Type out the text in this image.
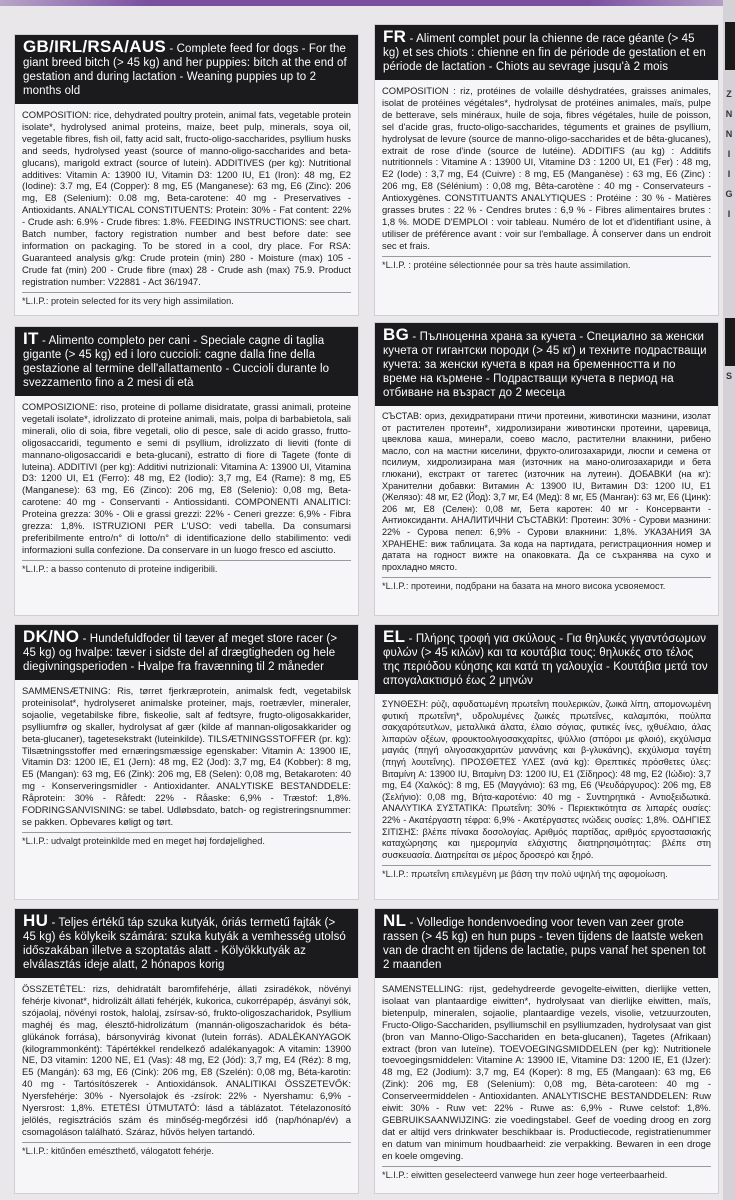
Z
N
N
I
I
G
I
S
GB/IRL/RSA/AUS - Complete feed for dogs - For the giant breed bitch (> 45 kg) and her puppies: bitch at the end of gestation and during lactation - Weaning puppies up to 2 months old
COMPOSITION: rice, dehydrated poultry protein, animal fats, vegetable protein isolate*, hydrolysed animal proteins, maize, beet pulp, minerals, soya oil, vegetable fibres, fish oil, fatty acid salt, fructo-oligo-saccharides, psyllium husks and seeds, hydrolysed yeast (source of manno-oligo-saccharides and beta-glucans), marigold extract (source of lutein). ADDITIVES (per kg): Nutritional additives: Vitamin A: 13900 IU, Vitamin D3: 1200 IU, E1 (Iron): 48 mg, E2 (Iodine): 3.7 mg, E4 (Copper): 8 mg, E5 (Manganese): 63 mg, E6 (Zinc): 206 mg, E8 (Selenium): 0.08 mg, Beta-carotene: 40 mg - Preservatives - Antioxidants. ANALYTICAL CONSTITUENTS: Protein: 30% - Fat content: 22% - Crude ash: 6.9% - Crude fibres: 1.8%. FEEDING INSTRUCTIONS: see chart. Batch number, factory registration number and best before date: see information on packaging. To be stored in a cool, dry place. For RSA: Guaranteed analysis g/kg: Crude protein (min) 280 - Moisture (max) 105 - Crude fat (min) 200 - Crude fibre (max) 28 - Crude ash (max) 75.9. Product registration number: V22881 - Act 36/1947.
*L.I.P.: protein selected for its very high assimilation.
FR - Aliment complet pour la chienne de race géante (> 45 kg) et ses chiots : chienne en fin de période de gestation et en période de lactation - Chiots au sevrage jusqu'à 2 mois
COMPOSITION : riz, protéines de volaille déshydratées, graisses animales, isolat de protéines végétales*, hydrolysat de protéines animales, maïs, pulpe de betterave, sels minéraux, huile de soja, fibres végétales, huile de poisson, sel d'acide gras, fructo-oligo-saccharides, téguments et graines de psyllium, hydrolysat de levure (source de manno-oligo-saccharides et de bêta-glucanes), extrait de rose d'inde (source de lutéine). ADDITIFS (au kg) : Additifs nutritionnels : Vitamine A : 13900 UI, Vitamine D3 : 1200 UI, E1 (Fer) : 48 mg, E2 (Iode) : 3,7 mg, E4 (Cuivre) : 8 mg, E5 (Manganèse) : 63 mg, E6 (Zinc) : 206 mg, E8 (Sélénium) : 0,08 mg, Bêta-carotène : 40 mg - Conservateurs - Antioxygènes. CONSTITUANTS ANALYTIQUES : Protéine : 30 % - Matières grasses brutes : 22 % - Cendres brutes : 6,9 % - Fibres alimentaires brutes : 1,8 %. MODE D'EMPLOI : voir tableau. Numéro de lot et d'identifiant usine, à utiliser de préférence avant : voir sur l'emballage. À conserver dans un endroit sec et frais.
*L.I.P. : protéine sélectionnée pour sa très haute assimilation.
IT - Alimento completo per cani - Speciale cagne di taglia gigante (> 45 kg) ed i loro cuccioli: cagne dalla fine della gestazione al termine dell'allattamento - Cuccioli durante lo svezzamento fino a 2 mesi di età
COMPOSIZIONE: riso, proteine di pollame disidratate, grassi animali, proteine vegetali isolate*, idrolizzato di proteine animali, mais, polpa di barbabietola, sali minerali, olio di soia, fibre vegetali, olio di pesce, sale di acido grasso, frutto-oligosaccaridi, tegumento e semi di psyllium, idrolizzato di lieviti (fonte di mannano-oligosaccaridi e beta-glucani), estratto di fiore di Tagete (fonte di luteina). ADDITIVI (per kg): Additivi nutrizionali: Vitamina A: 13900 UI, Vitamina D3: 1200 UI, E1 (Ferro): 48 mg, E2 (Iodio): 3,7 mg, E4 (Rame): 8 mg, E5 (Manganese): 63 mg, E6 (Zinco): 206 mg, E8 (Selenio): 0,08 mg, Beta-carotene: 40 mg - Conservanti - Antiossidanti. COMPONENTI ANALITICI: Proteina grezza: 30% - Oli e grassi grezzi: 22% - Ceneri grezze: 6,9% - Fibra grezza: 1,8%. ISTRUZIONI PER L'USO: vedi tabella. Da consumarsi preferibilmente entro/n° di lotto/n° di identificazione dello stabilimento: vedi informazioni sulla confezione. Da conservare in un luogo fresco ed asciutto.
*L.I.P.: a basso contenuto di proteine indigeribili.
BG - Пълноценна храна за кучета - Специално за женски кучета от гигантски породи (> 45 кг) и техните подрастващи кучета: за женски кучета в края на бременността и по време на кърмене - Подрастващи кучета в период на отбиване на възраст до 2 месеца
СЪСТАВ: ориз, дехидратирани птичи протеини, животински мазнини, изолат от растителен протеин*, хидролизирани животински протеини, царевица, цвеклова каша, минерали, соево масло, растителни влакнини, рибено масло, сол на мастни киселини, фрукто-олигозахариди, люспи и семена от псилиум, хидролизирана мая (източник на мано-олигозахариди и бета глюкани), екстракт от тагетес (източник на лутеин). ДОБАВКИ (на кг): Хранителни добавки: Витамин А: 13900 IU, Витамин D3: 1200 IU, E1 (Желязо): 48 мг, E2 (Йод): 3,7 мг, E4 (Мед): 8 мг, E5 (Манган): 63 мг, E6 (Цинк): 206 мг, E8 (Селен): 0,08 мг, Бета каротен: 40 мг - Консерванти - Антиоксиданти. АНАЛИТИЧНИ СЪСТАВКИ: Протеин: 30% - Сурови мазнини: 22% - Сурова пепел: 6,9% - Сурови влакнини: 1,8%. УКАЗАНИЯ ЗА ХРАНЕНЕ: виж таблицата. За кода на партидата, регистрационния номер и датата на годност вижте на опаковката. Да се съхранява на сухо и прохладно място.
*L.I.P.: протеини, подбрани на базата на много висока усвояемост.
DK/NO - Hundefuldfoder til tæver af meget store racer (> 45 kg) og hvalpe: tæver i sidste del af drægtigheden og hele diegivningsperioden - Hvalpe fra fravænning til 2 måneder
SAMMENSÆTNING: Ris, tørret fjerkræprotein, animalsk fedt, vegetabilsk proteinisolat*, hydrolyseret animalske proteiner, majs, roetrævler, mineraler, sojaolie, vegetabilske fibre, fiskeolie, salt af fedtsyre, frugto-oligosakkarider, psylliumfrø og skaller, hydrolysat af gær (kilde af mannan-oligosakkarider og beta-glucaner), tagetesekstrakt (luteinkilde). TILSÆTNINGSSTOFFER (pr. kg): Tilsætningsstoffer med ernæringsmæssige egenskaber: Vitamin A: 13900 IE, Vitamin D3: 1200 IE, E1 (Jern): 48 mg, E2 (Jod): 3,7 mg, E4 (Kobber): 8 mg, E5 (Mangan): 63 mg, E6 (Zink): 206 mg, E8 (Selen): 0,08 mg, Betakaroten: 40 mg - Konserveringsmidler - Antioxidanter. ANALYTISKE BESTANDDELE: Råprotein: 30% - Råfedt: 22% - Råaske: 6,9% - Træstof: 1,8%. FODRINGSANVISNING: se tabel. Udløbsdato, batch- og registreringsnummer: se pakken. Opbevares køligt og tørt.
*L.I.P.: udvalgt proteinkilde med en meget høj fordøjelighed.
EL - Πλήρης τροφή για σκύλους - Για θηλυκές γιγαντόσωμων φυλών (> 45 κιλών) και τα κουτάβια τους: θηλυκές στο τέλος της περιόδου κύησης και κατά τη γαλουχία - Κουτάβια μετά τον απογαλακτισμό έως 2 μηνών
ΣΥΝΘΕΣΗ: ρύζι, αφυδατωμένη πρωτεΐνη πουλερικών, ζωικά λίπη, απομονωμένη φυτική πρωτεΐνη*, υδρολυμένες ζωικές πρωτεΐνες, καλαμπόκι, πούλπα σακχαρότευτλων, μεταλλικά άλατα, έλαιο σόγιας, φυτικές ίνες, ιχθυέλαιο, άλας λιπαρών οξέων, φρουκτοολιγοσακχαρίτες, ψύλλιο (σπόροι με φλοιό), εκχύλισμα μαγιάς (πηγή ολιγοσακχαριτών μαννάνης και β-γλυκάνης), εκχύλισμα ταγέτη (πηγή λουτεΐνης). ΠΡΟΣΘΕΤΕΣ ΥΛΕΣ (ανά kg): Θρεπτικές πρόσθετες ύλες: Βιταμίνη A: 13900 IU, Βιταμίνη D3: 1200 IU, E1 (Σίδηρος): 48 mg, E2 (Ιώδιο): 3,7 mg, E4 (Χαλκός): 8 mg, E5 (Μαγγάνιο): 63 mg, E6 (Ψευδάργυρος): 206 mg, E8 (Σελήνιο): 0,08 mg, Βήτα-καροτένιο: 40 mg - Συντηρητικά - Αντιοξειδωτικά. ΑΝΑΛΥΤΙΚΑ ΣΥΣΤΑΤΙΚΑ: Πρωτεΐνη: 30% - Περιεκτικότητα σε λιπαρές ουσίες: 22% - Ακατέργαστη τέφρα: 6,9% - Ακατέργαστες ινώδεις ουσίες: 1,8%. ΟΔΗΓΙΕΣ ΣΙΤΙΣΗΣ: βλέπε πίνακα δοσολογίας. Αριθμός παρτίδας, αριθμός εργοστασιακής καταχώρησης και ημερομηνία ελάχιστης διατηρησιμότητας: βλέπε στη συσκευασία. Διατηρείται σε μέρος δροσερό και ξηρό.
*L.I.P.: πρωτεΐνη επιλεγμένη με βάση την πολύ υψηλή της αφομοίωση.
HU - Teljes értékű táp szuka kutyák, óriás termetű fajták (> 45 kg) és kölykeik számára: szuka kutyák a vemhesség utolsó időszakában illetve a szoptatás alatt - Kölyökkutyák az elválasztás ideje alatt, 2 hónapos korig
ÖSSZETÉTEL: rizs, dehidratált baromfifehérje, állati zsiradékok, növényi fehérje kivonat*, hidrolizált állati fehérjék, kukorica, cukorrépapép, ásványi sók, szójaolaj, növényi rostok, halolaj, zsírsav-só, frukto-oligoszacharidok, Psyllium maghéj és mag, élesztő-hidrolizátum (mannán-oligoszacharidok és béta-glükánok forrása), bársonyvirág kivonat (lutein forrás). ADALÉKANYAGOK (kilogrammonként): Tápértékkel rendelkező adalékanyagok: A vitamin: 13900 NE, D3 vitamin: 1200 NE, E1 (Vas): 48 mg, E2 (Jód): 3,7 mg, E4 (Réz): 8 mg, E5 (Mangán): 63 mg, E6 (Cink): 206 mg, E8 (Szelén): 0,08 mg, Béta-karotin: 40 mg - Tartósítószerek - Antioxidánsok. ANALITIKAI ÖSSZETEVŐK: Nyersfehérje: 30% - Nyersolajok és -zsírok: 22% - Nyershamu: 6,9% - Nyersrost: 1,8%. ETETÉSI ÚTMUTATÓ: lásd a táblázatot. Tételazonosító jelölés, regisztrációs szám és minőség-megőrzési idő (nap/hónap/év) a csomagoláson található. Száraz, hűvös helyen tartandó.
*L.I.P.: kitűnően emészthető, válogatott fehérje.
NL - Volledige hondenvoeding voor teven van zeer grote rassen (> 45 kg) en hun pups - teven tijdens de laatste weken van de dracht en tijdens de lactatie, pups vanaf het spenen tot 2 maanden
SAMENSTELLING: rijst, gedehydreerde gevogelte-eiwitten, dierlijke vetten, isolaat van plantaardige eiwitten*, hydrolysaat van dierlijke eiwitten, maïs, bietenpulp, mineralen, sojaolie, plantaardige vezels, visolie, vetzuurzouten, Fructo-Oligo-Sacchariden, psylliumschil en psylliumzaden, hydrolysaat van gist (bron van Manno-Oligo-Sacchariden en beta-glucanen), Tagetes (Afrikaan) extract (bron van luteïne). TOEVOEGINGSMIDDELEN (per kg): Nutritionele toevoegingsmiddelen: Vitamine A: 13900 IE, Vitamine D3: 1200 IE, E1 (IJzer): 48 mg, E2 (Jodium): 3,7 mg, E4 (Koper): 8 mg, E5 (Mangaan): 63 mg, E6 (Zink): 206 mg, E8 (Selenium): 0,08 mg, Bèta-caroteen: 40 mg - Conserveermiddelen - Antioxidanten. ANALYTISCHE BESTANDDELEN: Ruw eiwit: 30% - Ruw vet: 22% - Ruwe as: 6,9% - Ruwe celstof: 1,8%. GEBRUIKSAANWIJZING: zie voedingstabel. Geef de voeding droog en zorg dat er altijd vers drinkwater beschikbaar is. Productiecode, registratienummer en datum van minimum houdbaarheid: zie verpakking. Bewaren in een droge en koele omgeving.
*L.I.P.: eiwitten geselecteerd vanwege hun zeer hoge verteerbaarheid.
